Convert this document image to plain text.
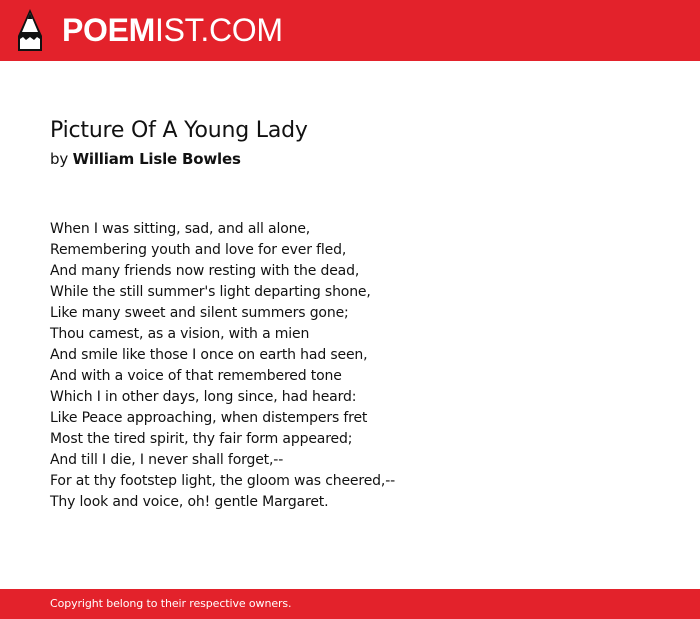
POEMIST.COM
Picture Of A Young Lady
by William Lisle Bowles
When I was sitting, sad, and all alone,
Remembering youth and love for ever fled,
And many friends now resting with the dead,
While the still summer's light departing shone,
Like many sweet and silent summers gone;
Thou camest, as a vision, with a mien
And smile like those I once on earth had seen,
And with a voice of that remembered tone
Which I in other days, long since, had heard:
Like Peace approaching, when distempers fret
Most the tired spirit, thy fair form appeared;
And till I die, I never shall forget,--
For at thy footstep light, the gloom was cheered,--
Thy look and voice, oh! gentle Margaret.
Copyright belong to their respective owners.
